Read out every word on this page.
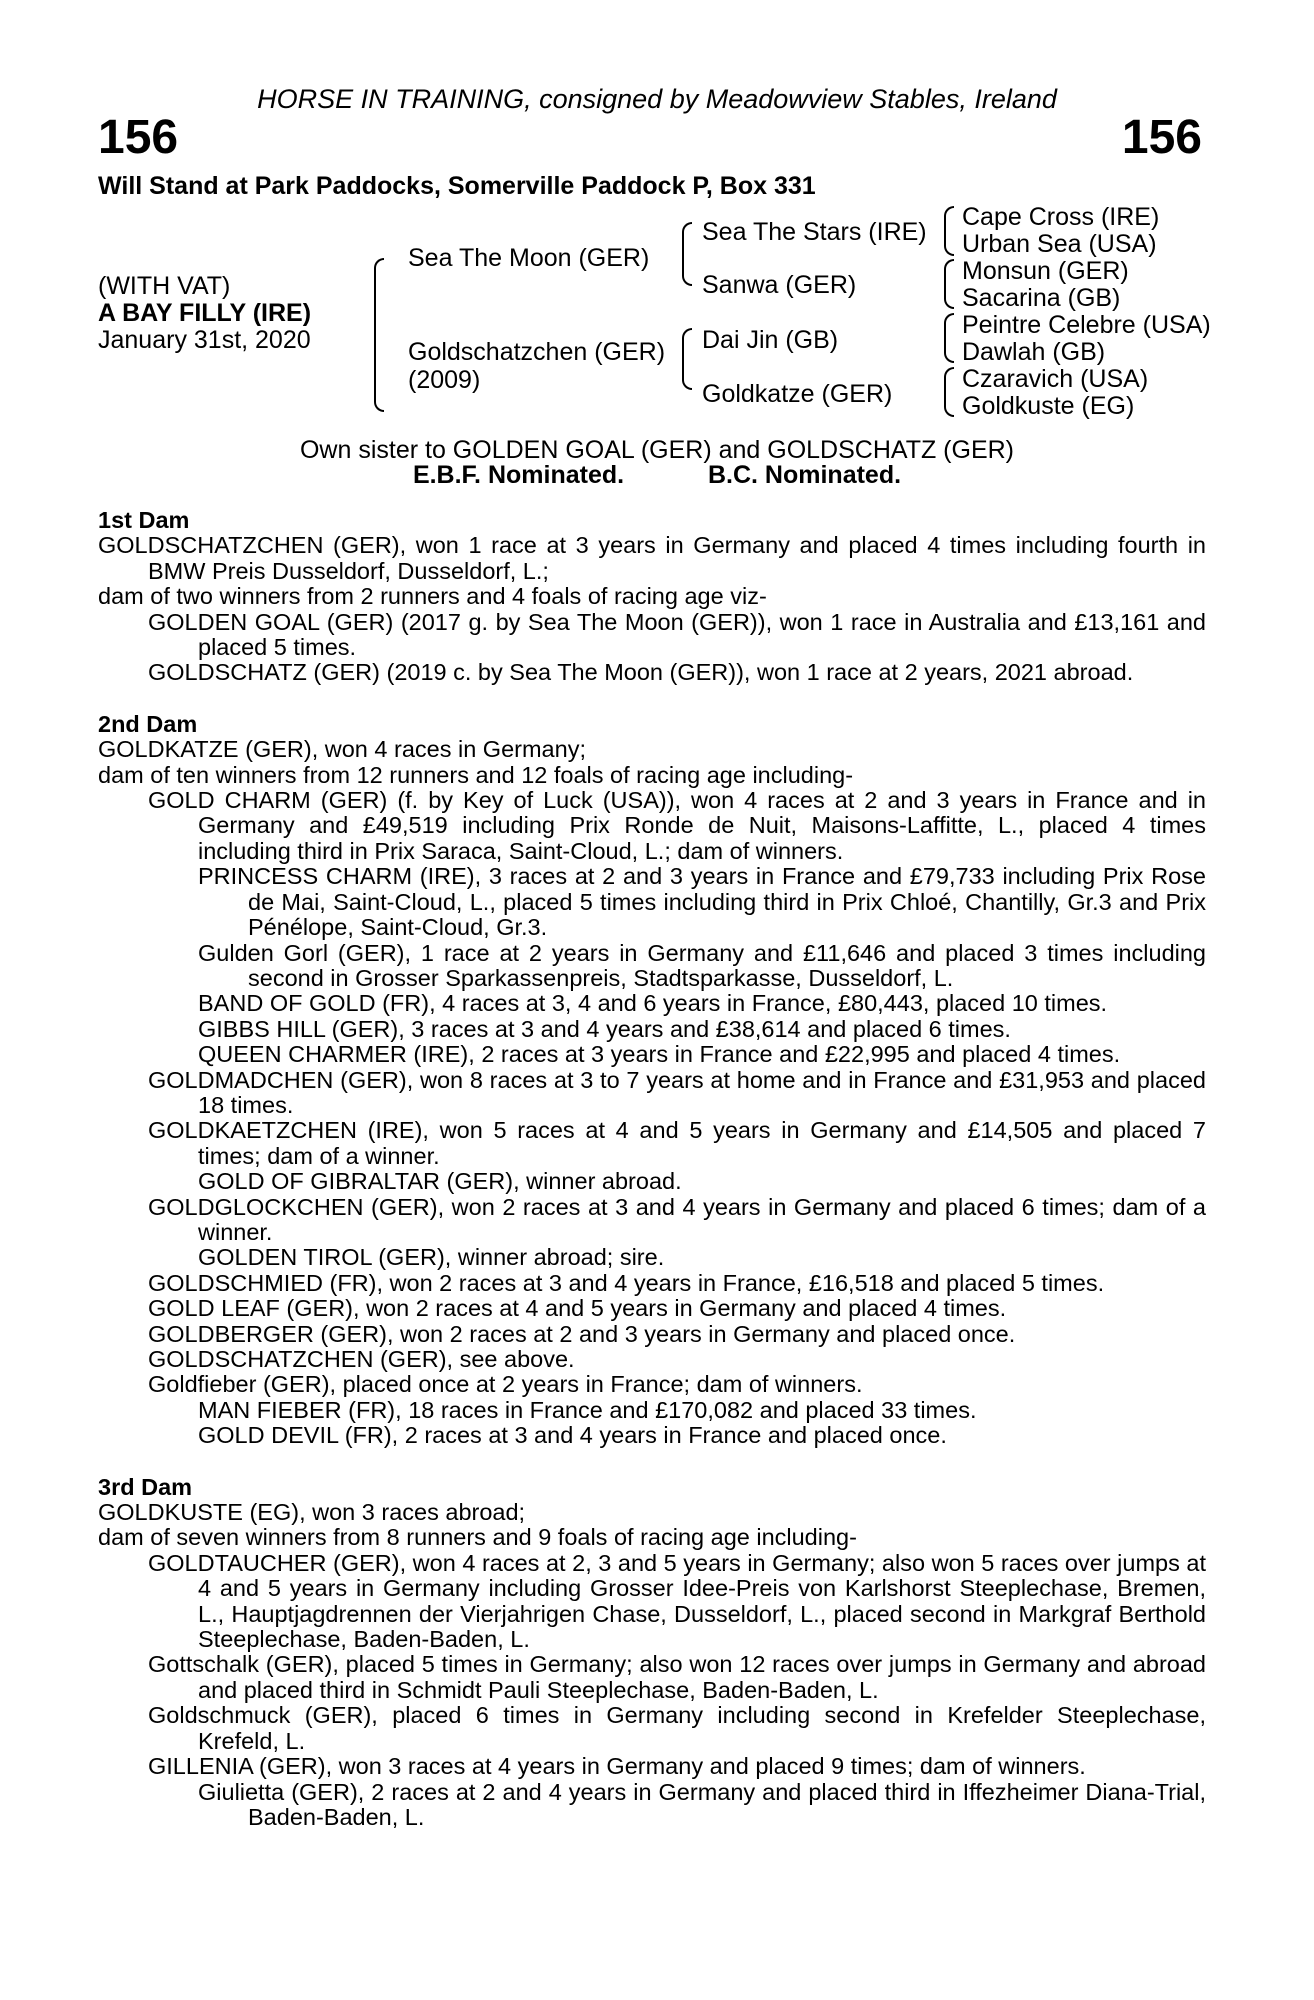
HORSE IN TRAINING, consigned by Meadowview Stables, Ireland
156	156
Will Stand at Park Paddocks, Somerville Paddock P, Box 331
(WITH VAT)
A BAY FILLY (IRE)
January 31st, 2020
Sea The Moon (GER)
Goldschatzchen (GER)
(2009)
Sea The Stars (IRE)
Sanwa (GER)
Dai Jin (GB)
Goldkatze (GER)
Cape Cross (IRE)
Urban Sea (USA)
Monsun (GER)
Sacarina (GB)
Peintre Celebre (USA)
Dawlah (GB)
Czaravich (USA)
Goldkuste (EG)
Own sister to GOLDEN GOAL (GER) and GOLDSCHATZ (GER)
E.B.F. Nominated.	B.C. Nominated.
1st Dam

GOLDSCHATZCHEN (GER), won 1 race at 3 years in Germany and placed 4 times including fourth in BMW Preis Dusseldorf, Dusseldorf, L.;

dam of two winners from 2 runners and 4 foals of racing age viz-

GOLDEN GOAL (GER) (2017 g. by Sea The Moon (GER)), won 1 race in Australia and £13,161 and placed 5 times.

GOLDSCHATZ (GER) (2019 c. by Sea The Moon (GER)), won 1 race at 2 years, 2021 abroad.

2nd Dam

GOLDKATZE (GER), won 4 races in Germany;

dam of ten winners from 12 runners and 12 foals of racing age including-

GOLD CHARM (GER) (f. by Key of Luck (USA)), won 4 races at 2 and 3 years in France and in Germany and £49,519 including Prix Ronde de Nuit, Maisons-Laffitte, L., placed 4 times including third in Prix Saraca, Saint-Cloud, L.; dam of winners.

PRINCESS CHARM (IRE), 3 races at 2 and 3 years in France and £79,733 including Prix Rose de Mai, Saint-Cloud, L., placed 5 times including third in Prix Chloé, Chantilly, Gr.3 and Prix Pénélope, Saint-Cloud, Gr.3.

Gulden Gorl (GER), 1 race at 2 years in Germany and £11,646 and placed 3 times including second in Grosser Sparkassenpreis, Stadtsparkasse, Dusseldorf, L.

BAND OF GOLD (FR), 4 races at 3, 4 and 6 years in France, £80,443, placed 10 times.

GIBBS HILL (GER), 3 races at 3 and 4 years and £38,614 and placed 6 times.

QUEEN CHARMER (IRE), 2 races at 3 years in France and £22,995 and placed 4 times.

GOLDMADCHEN (GER), won 8 races at 3 to 7 years at home and in France and £31,953 and placed 18 times.

GOLDKAETZCHEN (IRE), won 5 races at 4 and 5 years in Germany and £14,505 and placed 7 times; dam of a winner.

GOLD OF GIBRALTAR (GER), winner abroad.

GOLDGLOCKCHEN (GER), won 2 races at 3 and 4 years in Germany and placed 6 times; dam of a winner.

GOLDEN TIROL (GER), winner abroad; sire.

GOLDSCHMIED (FR), won 2 races at 3 and 4 years in France, £16,518 and placed 5 times.

GOLD LEAF (GER), won 2 races at 4 and 5 years in Germany and placed 4 times.

GOLDBERGER (GER), won 2 races at 2 and 3 years in Germany and placed once.

GOLDSCHATZCHEN (GER), see above.

Goldfieber (GER), placed once at 2 years in France; dam of winners.

MAN FIEBER (FR), 18 races in France and £170,082 and placed 33 times.

GOLD DEVIL (FR), 2 races at 3 and 4 years in France and placed once.

3rd Dam

GOLDKUSTE (EG), won 3 races abroad;

dam of seven winners from 8 runners and 9 foals of racing age including-

GOLDTAUCHER (GER), won 4 races at 2, 3 and 5 years in Germany; also won 5 races over jumps at 4 and 5 years in Germany including Grosser Idee-Preis von Karlshorst Steeplechase, Bremen, L., Hauptjagdrennen der Vierjahrigen Chase, Dusseldorf, L., placed second in Markgraf Berthold Steeplechase, Baden-Baden, L.

Gottschalk (GER), placed 5 times in Germany; also won 12 races over jumps in Germany and abroad and placed third in Schmidt Pauli Steeplechase, Baden-Baden, L.

Goldschmuck (GER), placed 6 times in Germany including second in Krefelder Steeplechase, Krefeld, L.

GILLENIA (GER), won 3 races at 4 years in Germany and placed 9 times; dam of winners.

Giulietta (GER), 2 races at 2 and 4 years in Germany and placed third in Iffezheimer Diana-Trial, Baden-Baden, L.
